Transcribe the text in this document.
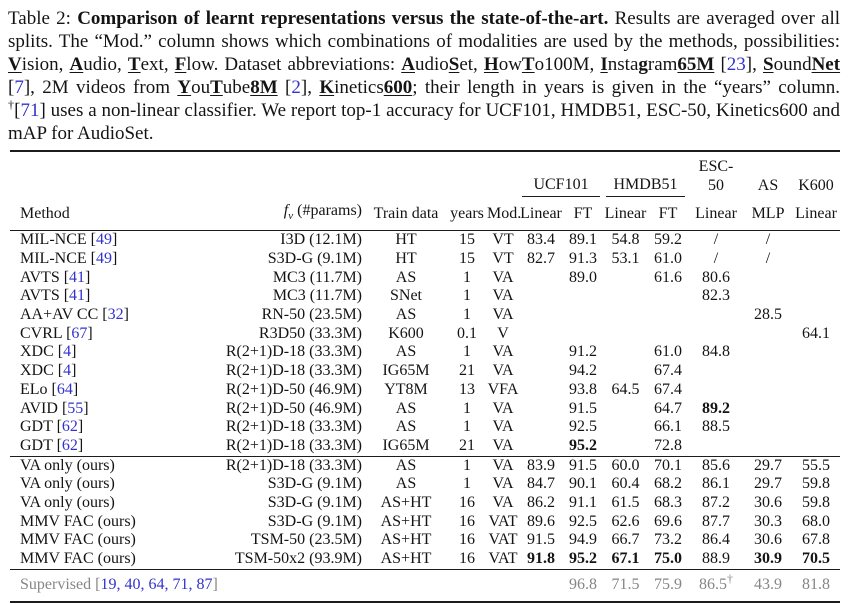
Table 2: Comparison of learnt representations versus the state-of-the-art. Results are averaged over all splits. The “Mod.” column shows which combinations of modalities are used by the methods, possibilities: Vision, Audio, Text, Flow. Dataset abbreviations: AudioSet, HowTo100M, Instagram65M [23], SoundNet [7], 2M videos from YouTube8M [2], Kinetics600; their length in years is given in the “years” column. †[71] uses a non-linear classifier. We report top-1 accuracy for UCF101, HMDB51, ESC-50, Kinetics600 and mAP for AudioSet.

					UCF101		HMDB51		ESC-50	AS	K600

Method	$f_v$ (#params)	Train data	years	Mod.	Linear	FT	Linear	FT	Linear	MLP	Linear
MIL-NCE [49]	I3D (12.1M)	HT	15	VT	83.4	89.1	54.8	59.2	/	/	
MIL-NCE [49]	S3D-G (9.1M)	HT	15	VT	82.7	91.3	53.1	61.0	/	/	
AVTS [41]	MC3 (11.7M)	AS	1	VA		89.0		61.6	80.6		
AVTS [41]	MC3 (11.7M)	SNet	1	VA					82.3		
AA+AV CC [32]	RN-50 (23.5M)	AS	1	VA						28.5	
CVRL [67]	R3D50 (33.3M)	K600	0.1	V							64.1
XDC [4]	R(2+1)D-18 (33.3M)	AS	1	VA		91.2		61.0	84.8		
XDC [4]	R(2+1)D-18 (33.3M)	IG65M	21	VA		94.2		67.4			
ELo [64]	R(2+1)D-50 (46.9M)	YT8M	13	VFA		93.8	64.5	67.4			
AVID [55]	R(2+1)D-50 (46.9M)	AS	1	VA		91.5		64.7	89.2		
GDT [62]	R(2+1)D-18 (33.3M)	AS	1	VA		92.5		66.1	88.5		
GDT [62]	R(2+1)D-18 (33.3M)	IG65M	21	VA		95.2		72.8			
VA only (ours)	R(2+1)D-18 (33.3M)	AS	1	VA	83.9	91.5	60.0	70.1	85.6	29.7	55.5
VA only (ours)	S3D-G (9.1M)	AS	1	VA	84.7	90.1	60.4	68.2	86.1	29.7	59.8
VA only (ours)	S3D-G (9.1M)	AS+HT	16	VA	86.2	91.1	61.5	68.3	87.2	30.6	59.8
MMV FAC (ours)	S3D-G (9.1M)	AS+HT	16	VAT	89.6	92.5	62.6	69.6	87.7	30.3	68.0
MMV FAC (ours)	TSM-50 (23.5M)	AS+HT	16	VAT	91.5	94.9	66.7	73.2	86.4	30.6	67.8
MMV FAC (ours)	TSM-50x2 (93.9M)	AS+HT	16	VAT	91.8	95.2	67.1	75.0	88.9	30.9	70.5
Supervised [19, 40, 64, 71, 87]						96.8	71.5	75.9	86.5†	43.9	81.8
